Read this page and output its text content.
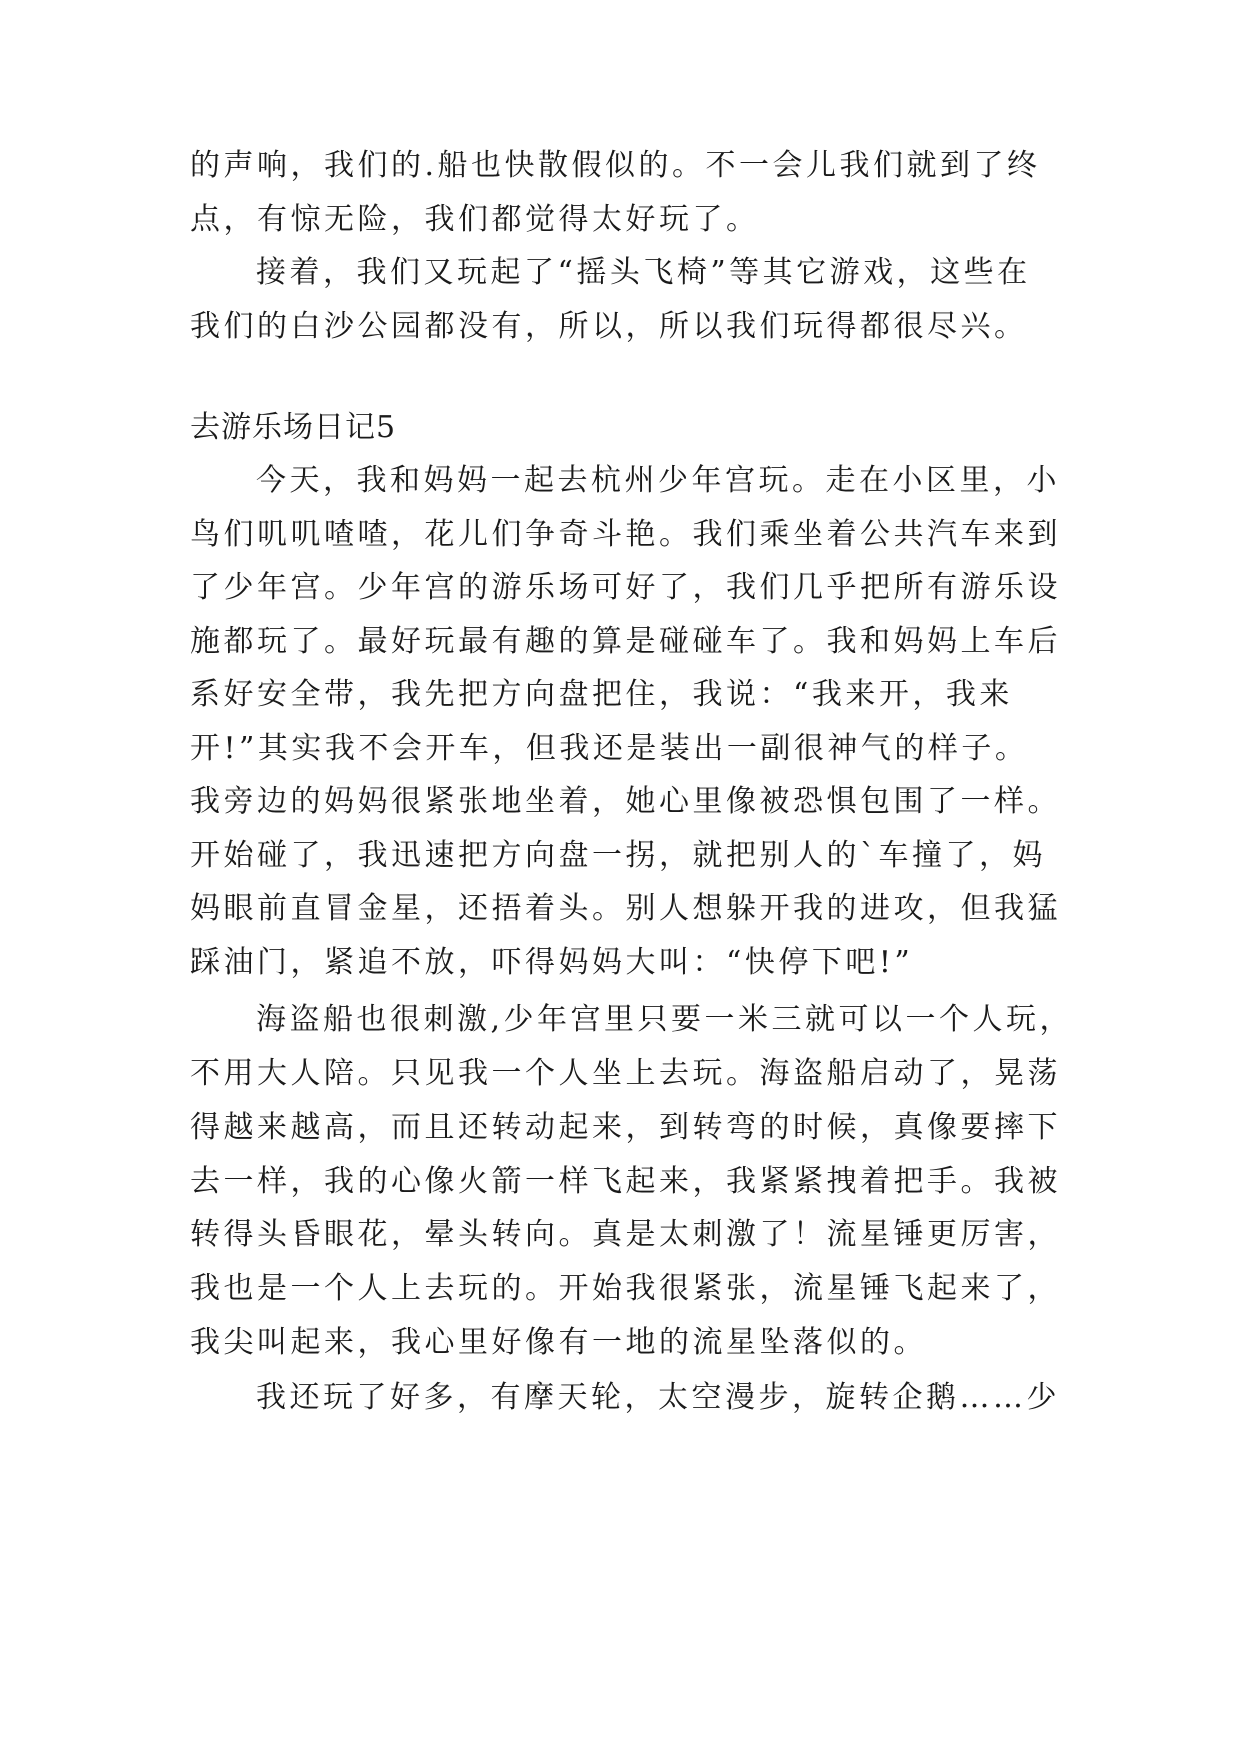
的声响，我们的.船也快散假似的。不一会儿我们就到了终
点，有惊无险，我们都觉得太好玩了。
接着，我们又玩起了“摇头飞椅”等其它游戏，这些在
我们的白沙公园都没有，所以，所以我们玩得都很尽兴。
去游乐场日记5
今天，我和妈妈一起去杭州少年宫玩。走在小区里，小
鸟们叽叽喳喳，花儿们争奇斗艳。我们乘坐着公共汽车来到
了少年宫。少年宫的游乐场可好了，我们几乎把所有游乐设
施都玩了。最好玩最有趣的算是碰碰车了。我和妈妈上车后
系好安全带，我先把方向盘把住，我说：“我来开，我来
开!”其实我不会开车，但我还是装出一副很神气的样子。
我旁边的妈妈很紧张地坐着，她心里像被恐惧包围了一样。
开始碰了，我迅速把方向盘一拐，就把别人的`车撞了，妈
妈眼前直冒金星，还捂着头。别人想躲开我的进攻，但我猛
踩油门，紧追不放，吓得妈妈大叫：“快停下吧!”
海盗船也很刺激,少年宫里只要一米三就可以一个人玩，
不用大人陪。只见我一个人坐上去玩。海盗船启动了，晃荡
得越来越高，而且还转动起来，到转弯的时候，真像要摔下
去一样，我的心像火箭一样飞起来，我紧紧拽着把手。我被
转得头昏眼花，晕头转向。真是太刺激了！流星锤更厉害，
我也是一个人上去玩的。开始我很紧张，流星锤飞起来了，
我尖叫起来，我心里好像有一地的流星坠落似的。
我还玩了好多，有摩天轮，太空漫步，旋转企鹅……少
